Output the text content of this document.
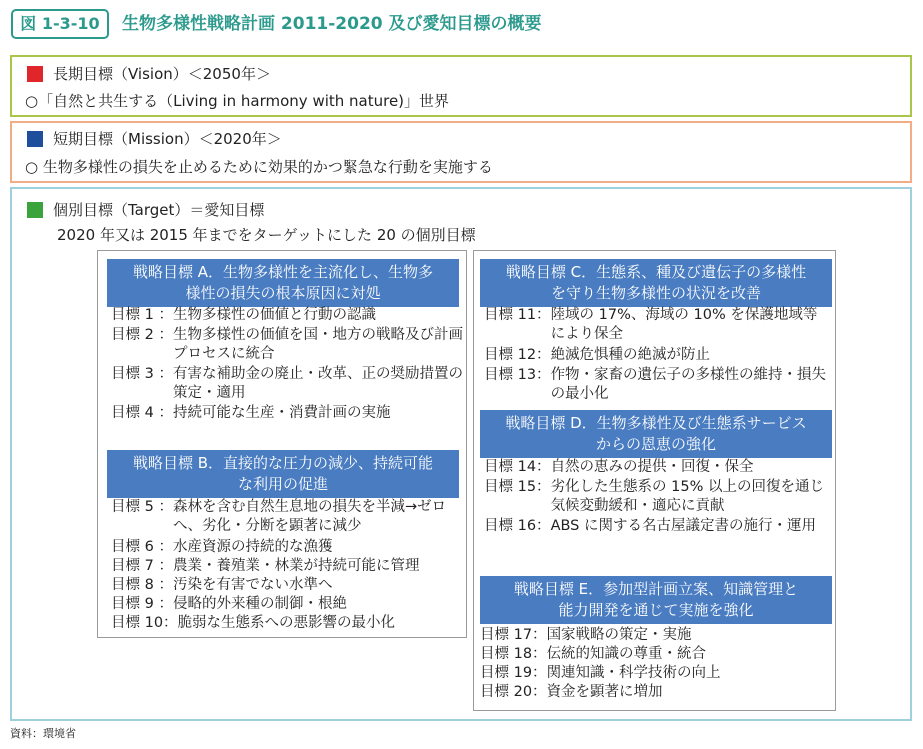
図 1-3-10	生物多様性戦略計画 2011-2020 及び愛知目標の概要
長期目標（Vision）＜2050年＞
○「自然と共生する（Living in harmony with nature)」世界
短期目標（Mission）＜2020年＞
○ 生物多様性の損失を止めるために効果的かつ緊急な行動を実施する
個別目標（Target）＝愛知目標
2020 年又は 2015 年までをターゲットにした 20 の個別目標
戦略目標 A．生物多様性を主流化し、生物多
様性の損失の根本原因に対処
目標 1 ： 生物多様性の価値と行動の認識
目標 2 ： 生物多様性の価値を国・地方の戦略及び計画プロセスに統合
目標 3 ： 有害な補助金の廃止・改革、正の奨励措置の策定・適用
目標 4 ： 持続可能な生産・消費計画の実施
戦略目標 B．直接的な圧力の減少、持続可能
な利用の促進
目標 5 ： 森林を含む自然生息地の損失を半減→ゼロへ、劣化・分断を顕著に減少
目標 6 ： 水産資源の持続的な漁獲
目標 7 ： 農業・養殖業・林業が持続可能に管理
目標 8 ： 汚染を有害でない水準へ
目標 9 ： 侵略的外来種の制御・根絶
目標 10： 脆弱な生態系への悪影響の最小化
戦略目標 C．生態系、種及び遺伝子の多様性
を守り生物多様性の状況を改善
目標 11： 陸域の 17%、海域の 10% を保護地域等により保全
目標 12： 絶滅危惧種の絶滅が防止
目標 13： 作物・家畜の遺伝子の多様性の維持・損失の最小化
戦略目標 D．生物多様性及び生態系サービス
からの恩恵の強化
目標 14： 自然の恵みの提供・回復・保全
目標 15： 劣化した生態系の 15% 以上の回復を通じ気候変動緩和・適応に貢献
目標 16： ABS に関する名古屋議定書の施行・運用
戦略目標 E．参加型計画立案、知識管理と
能力開発を通じて実施を強化
目標 17： 国家戦略の策定・実施
目標 18： 伝統的知識の尊重・統合
目標 19： 関連知識・科学技術の向上
目標 20： 資金を顕著に増加
資料：環境省
